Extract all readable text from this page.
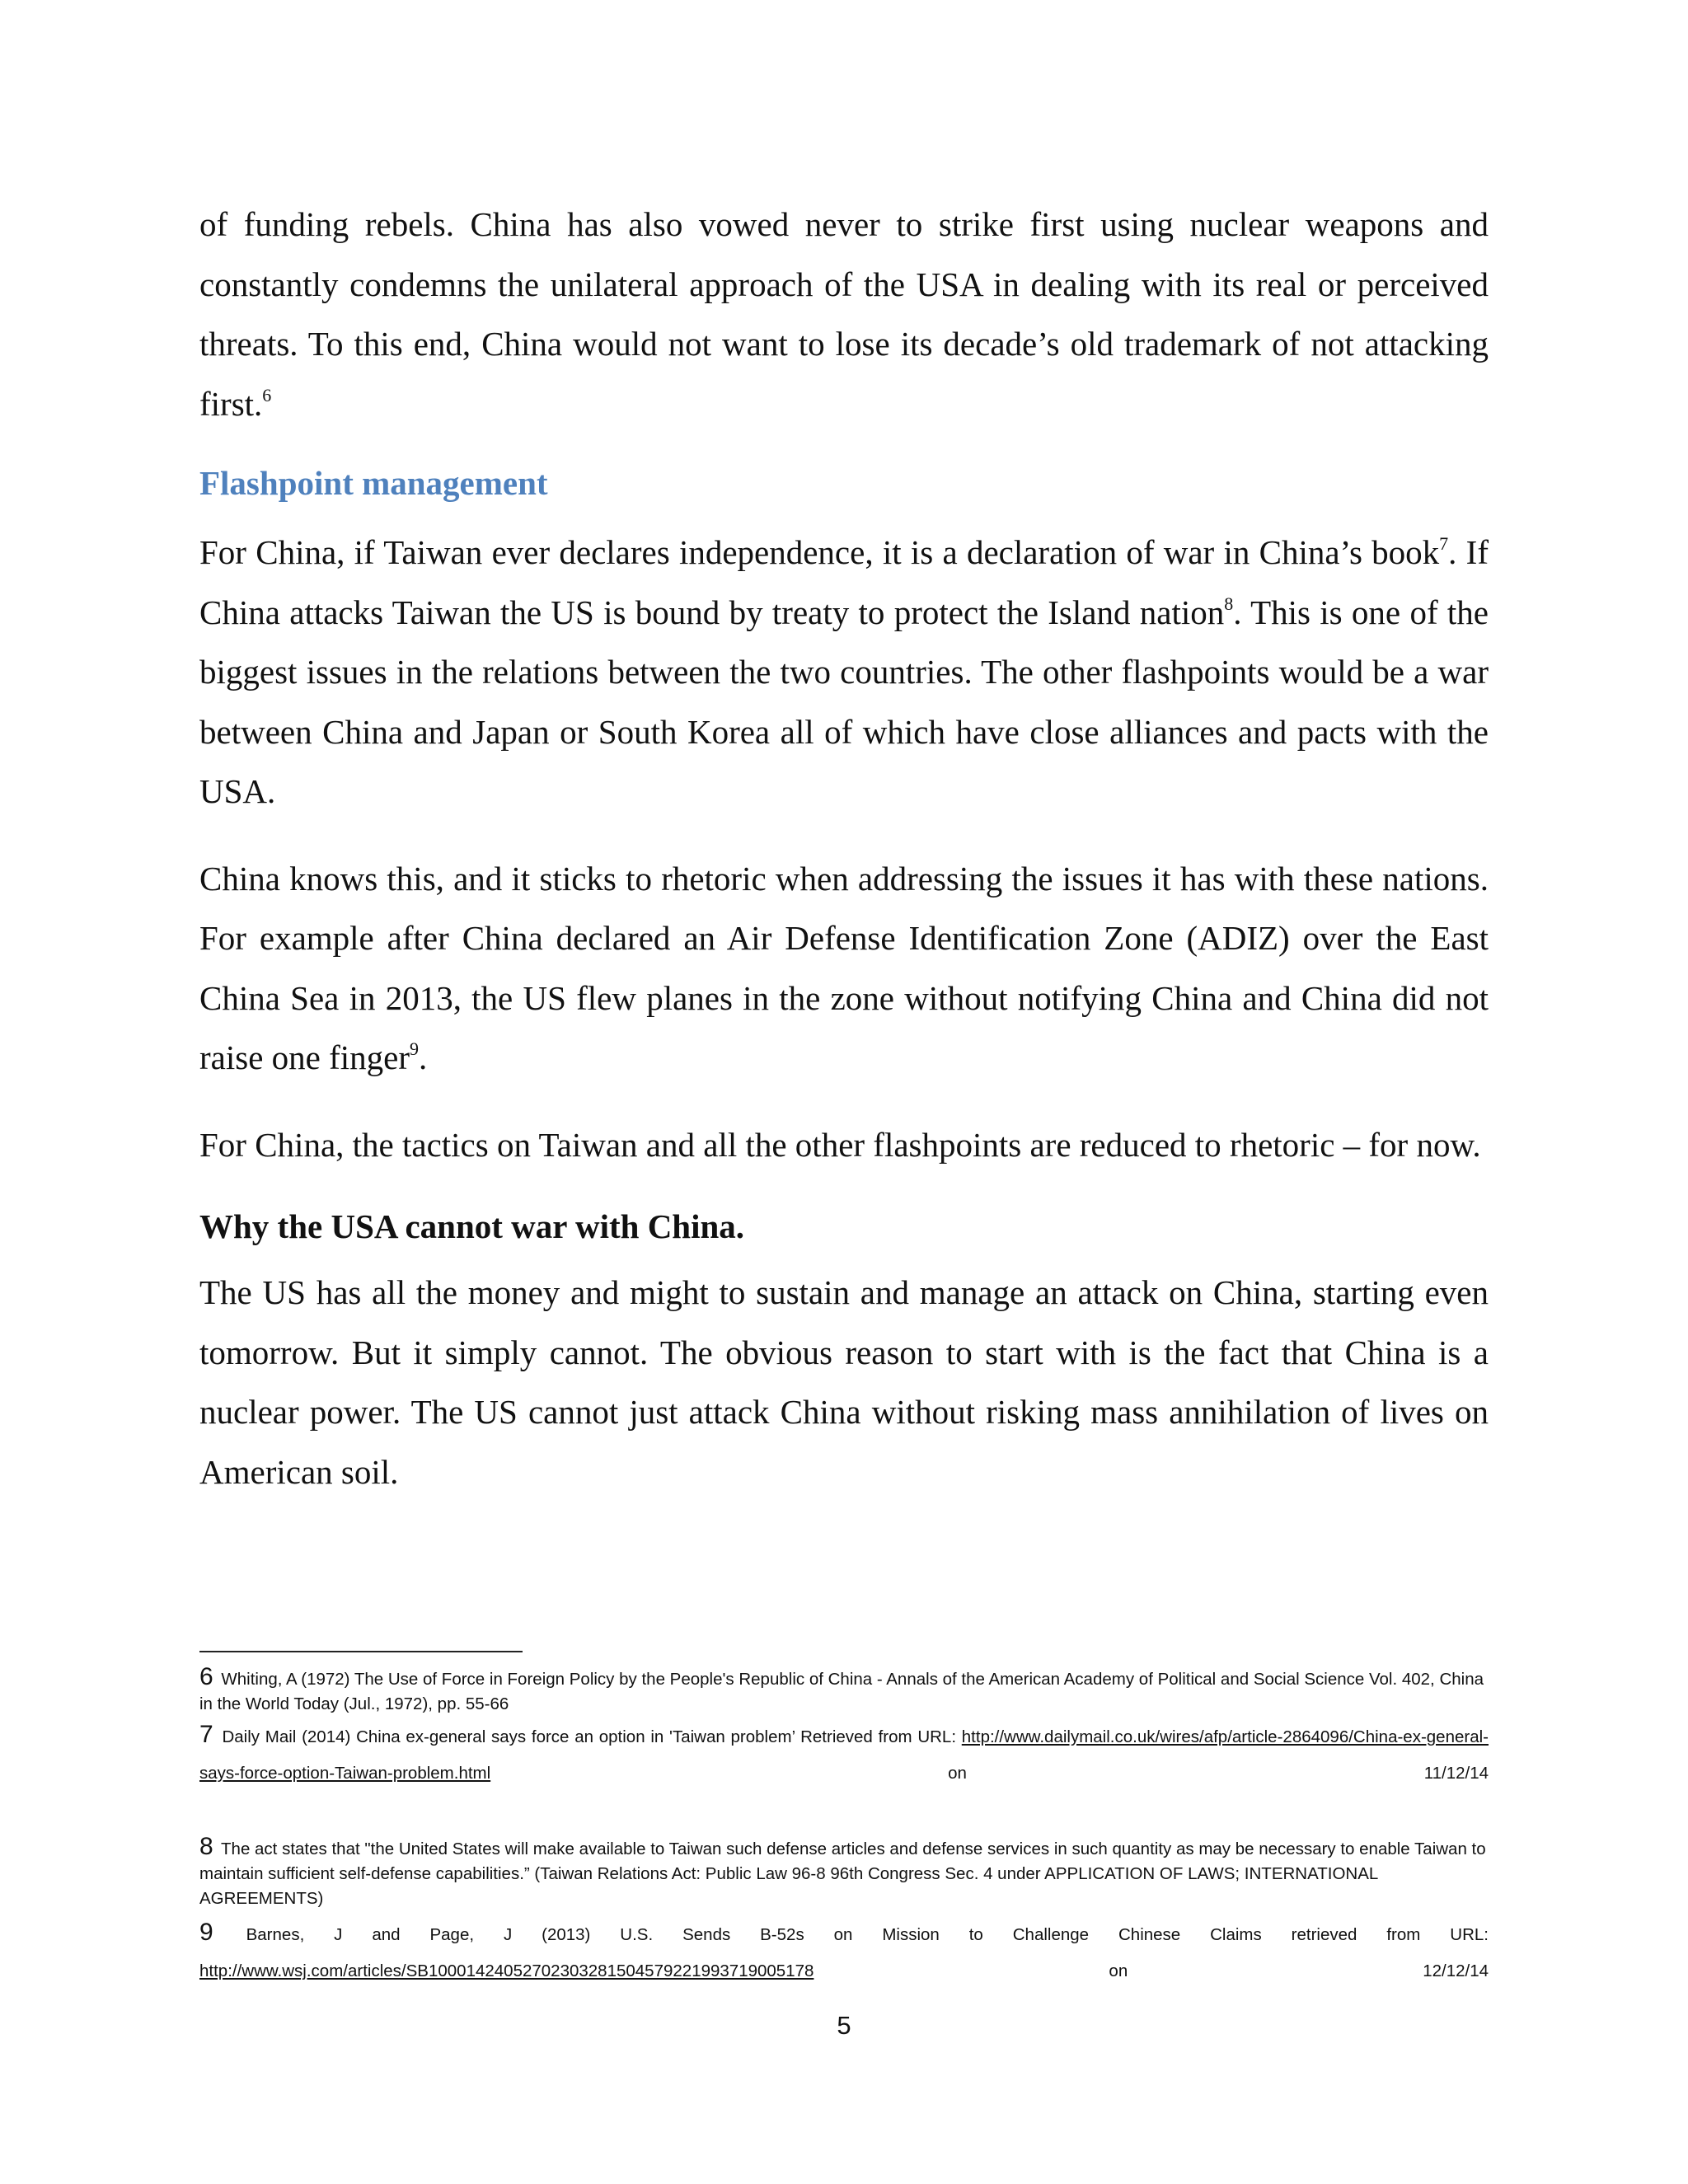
of funding rebels. China has also vowed never to strike first using nuclear weapons and constantly condemns the unilateral approach of the USA in dealing with its real or perceived threats. To this end, China would not want to lose its decade’s old trademark of not attacking first.$^6$

Flashpoint management

For China, if Taiwan ever declares independence, it is a declaration of war in China’s book$^7$. If China attacks Taiwan the US is bound by treaty to protect the Island nation$^8$. This is one of the biggest issues in the relations between the two countries. The other flashpoints would be a war between China and Japan or South Korea all of which have close alliances and pacts with the USA.

China knows this, and it sticks to rhetoric when addressing the issues it has with these nations. For example after China declared an Air Defense Identification Zone (ADIZ) over the East China Sea in 2013, the US flew planes in the zone without notifying China and China did not raise one finger$^9$.

For China, the tactics on Taiwan and all the other flashpoints are reduced to rhetoric – for now.

Why the USA cannot war with China.

The US has all the money and might to sustain and manage an attack on China, starting even tomorrow. But it simply cannot. The obvious reason to start with is the fact that China is a nuclear power. The US cannot just attack China without risking mass annihilation of lives on American soil.

6 Whiting, A (1972) The Use of Force in Foreign Policy by the People's Republic of China - Annals of the American Academy of Political and Social Science Vol. 402, China in the World Today (Jul., 1972), pp. 55-66

7 Daily Mail (2014) China ex-general says force an option in 'Taiwan problem’ Retrieved from URL: http://www.dailymail.co.uk/wires/afp/article-2864096/China-ex-general-says-force-option-Taiwan-problem.html	on 11/12/14

8 The act states that "the United States will make available to Taiwan such defense articles and defense services in such quantity as may be necessary to enable Taiwan to maintain sufficient self-defense capabilities.” (Taiwan Relations Act: Public Law 96-8 96th Congress Sec. 4 under APPLICATION OF LAWS; INTERNATIONAL AGREEMENTS)

9 Barnes, J and Page, J (2013) U.S. Sends B-52s on Mission to Challenge Chinese Claims retrieved from URL: http://www.wsj.com/articles/SB10001424052702303281504579221993719005178	on 12/12/14

5
